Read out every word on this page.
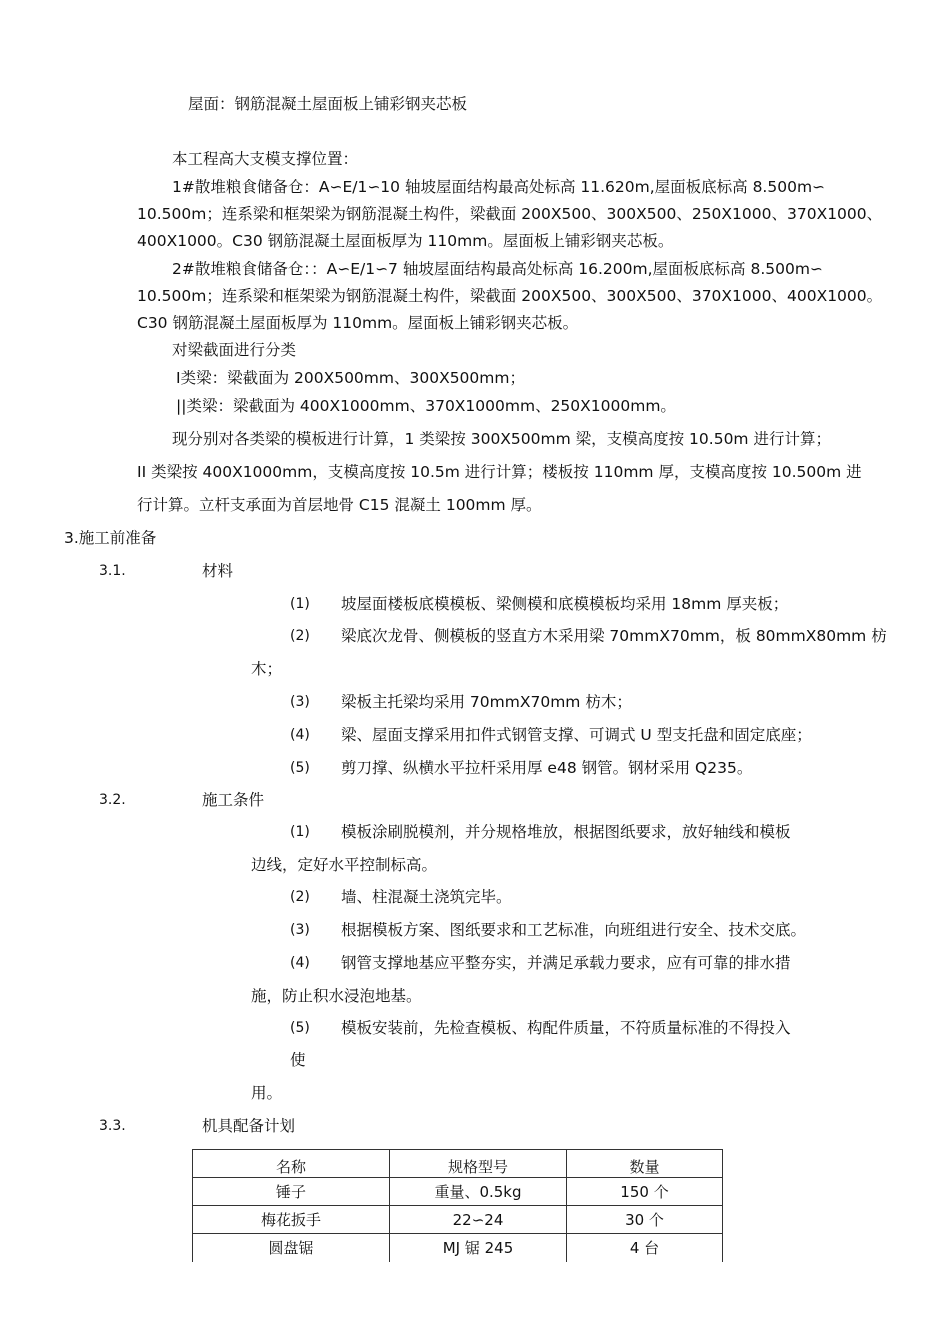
屋面：钢筋混凝土屋面板上铺彩钢夹芯板
本工程高大支模支撑位置：
1#散堆粮食储备仓：A∽E/1∽10 轴坡屋面结构最高处标高 11.620m,屋面板底标高 8.500m∽
10.500m；连系梁和框架梁为钢筋混凝土构件，梁截面 200X500、300X500、250X1000、370X1000、
400X1000。C30 钢筋混凝土屋面板厚为 110mm。屋面板上铺彩钢夹芯板。
2#散堆粮食储备仓：：A∽E/1∽7 轴坡屋面结构最高处标高 16.200m,屋面板底标高 8.500m∽
10.500m；连系梁和框架梁为钢筋混凝土构件，梁截面 200X500、300X500、370X1000、400X1000。
C30 钢筋混凝土屋面板厚为 110mm。屋面板上铺彩钢夹芯板。
对梁截面进行分类
Ⅰ类梁：梁截面为 200X500mm、300X500mm；
||类梁：梁截面为 400X1000mm、370X1000mm、250X1000mm。
现分别对各类梁的模板进行计算，1 类梁按 300X500mm 梁，支模高度按 10.50m 进行计算；
II 类梁按 400X1000mm，支模高度按 10.5m 进行计算；楼板按 110mm 厚，支模高度按 10.500m 进
行计算。立杆支承面为首层地骨 C15 混凝土 100mm 厚。
3.施工前准备
3.1.	材料
(1) 坡屋面楼板底模模板、梁侧模和底模模板均采用 18mm 厚夹板；
(2) 梁底次龙骨、侧模板的竖直方木采用梁 70mmX70mm，板 80mmX80mm 枋
木；
(3) 梁板主托梁均采用 70mmX70mm 枋木；
(4) 梁、屋面支撑采用扣件式钢管支撑、可调式 U 型支托盘和固定底座；
(5) 剪刀撑、纵横水平拉杆采用厚 e48 钢管。钢材采用 Q235。
3.2.	施工条件
(1) 模板涂刷脱模剂，并分规格堆放，根据图纸要求，放好轴线和模板
边线，定好水平控制标高。
(2) 墙、柱混凝土浇筑完毕。
(3) 根据模板方案、图纸要求和工艺标准，向班组进行安全、技术交底。
(4) 钢管支撑地基应平整夯实，并满足承载力要求，应有可靠的排水措
施，防止积水浸泡地基。
(5) 模板安装前，先检查模板、构配件质量，不符质量标准的不得投入
使
用。
3.3.	机具配备计划
名称	规格型号	数量
锤子	重量、0.5kg	150 个
梅花扳手	22∽24	30 个
圆盘锯	MJ 锯 245	4 台
